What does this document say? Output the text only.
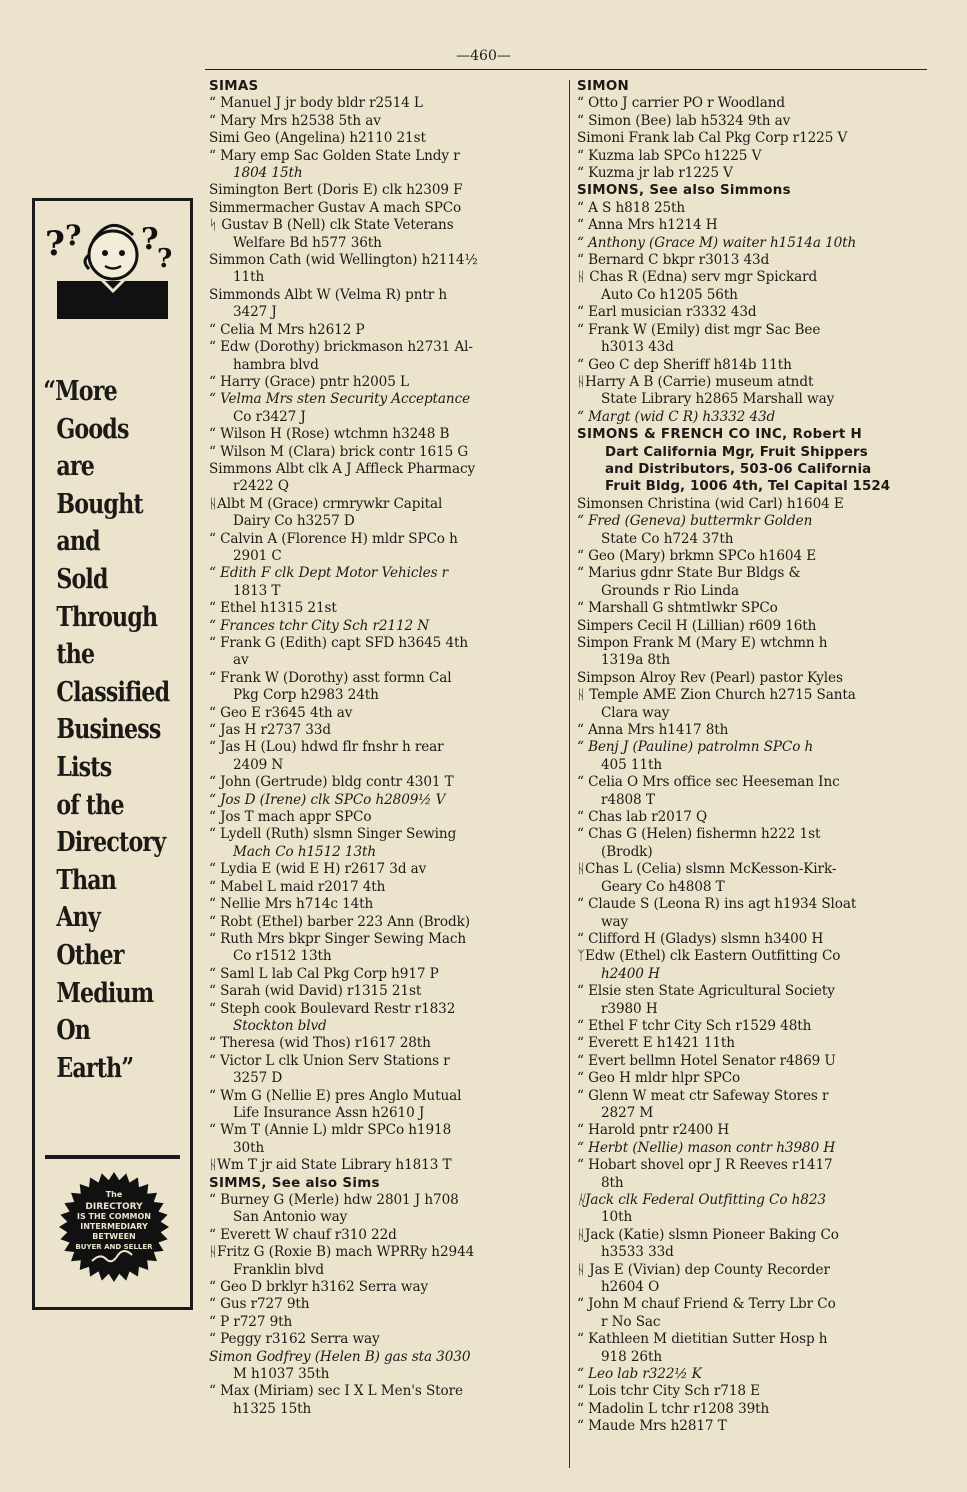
—460—
? ? ?
?
“More
Goods
are
Bought
and
Sold
Through
the
Classified
Business
Lists
of the
Directory
Than
Any
Other
Medium
On
Earth”
The
DIRECTORY
IS THE COMMON
INTERMEDIARY
BETWEEN
BUYER AND SELLER
SIMAS
“ Manuel J jr body bldr r2514 L
“ Mary Mrs h2538 5th av
Simi Geo (Angelina) h2110 21st
“ Mary emp Sac Golden State Lndy r
1804 15th
Simington Bert (Doris E) clk h2309 F
Simmermacher Gustav A mach SPCo
ᛋ Gustav B (Nell) clk State Veterans
Welfare Bd h577 36th
Simmon Cath (wid Wellington) h2114½
11th
Simmonds Albt W (Velma R) pntr h
3427 J
“ Celia M Mrs h2612 P
“ Edw (Dorothy) brickmason h2731 Al-
hambra blvd
“ Harry (Grace) pntr h2005 L
“ Velma Mrs sten Security Acceptance
Co r3427 J
“ Wilson H (Rose) wtchmn h3248 B
“ Wilson M (Clara) brick contr 1615 G
Simmons Albt clk A J Affleck Pharmacy
r2422 Q
ᚺAlbt M (Grace) crmrywkr Capital
Dairy Co h3257 D
“ Calvin A (Florence H) mldr SPCo h
2901 C
“ Edith F clk Dept Motor Vehicles r
1813 T
“ Ethel h1315 21st
“ Frances tchr City Sch r2112 N
“ Frank G (Edith) capt SFD h3645 4th
av
“ Frank W (Dorothy) asst formn Cal
Pkg Corp h2983 24th
“ Geo E r3645 4th av
“ Jas H r2737 33d
“ Jas H (Lou) hdwd flr fnshr h rear
2409 N
“ John (Gertrude) bldg contr 4301 T
“ Jos D (Irene) clk SPCo h2809½ V
“ Jos T mach appr SPCo
“ Lydell (Ruth) slsmn Singer Sewing
Mach Co h1512 13th
“ Lydia E (wid E H) r2617 3d av
“ Mabel L maid r2017 4th
“ Nellie Mrs h714c 14th
“ Robt (Ethel) barber 223 Ann (Brodk)
“ Ruth Mrs bkpr Singer Sewing Mach
Co r1512 13th
“ Saml L lab Cal Pkg Corp h917 P
“ Sarah (wid David) r1315 21st
“ Steph cook Boulevard Restr r1832
Stockton blvd
“ Theresa (wid Thos) r1617 28th
“ Victor L clk Union Serv Stations r
3257 D
“ Wm G (Nellie E) pres Anglo Mutual
Life Insurance Assn h2610 J
“ Wm T (Annie L) mldr SPCo h1918
30th
ᚺWm T jr aid State Library h1813 T
SIMMS, See also Sims
“ Burney G (Merle) hdw 2801 J h708
San Antonio way
“ Everett W chauf r310 22d
ᚺFritz G (Roxie B) mach WPRRy h2944
Franklin blvd
“ Geo D brklyr h3162 Serra way
“ Gus r727 9th
“ P r727 9th
“ Peggy r3162 Serra way
Simon Godfrey (Helen B) gas sta 3030
M h1037 35th
“ Max (Miriam) sec I X L Men's Store
h1325 15th
SIMON
“ Otto J carrier PO r Woodland
“ Simon (Bee) lab h5324 9th av
Simoni Frank lab Cal Pkg Corp r1225 V
“ Kuzma lab SPCo h1225 V
“ Kuzma jr lab r1225 V
SIMONS, See also Simmons
“ A S h818 25th
“ Anna Mrs h1214 H
“ Anthony (Grace M) waiter h1514a 10th
“ Bernard C bkpr r3013 43d
ᚺ Chas R (Edna) serv mgr Spickard
Auto Co h1205 56th
“ Earl musician r3332 43d
“ Frank W (Emily) dist mgr Sac Bee
h3013 43d
“ Geo C dep Sheriff h814b 11th
ᚺHarry A B (Carrie) museum atndt
State Library h2865 Marshall way
“ Margt (wid C R) h3332 43d
SIMONS & FRENCH CO INC, Robert H
Dart California Mgr, Fruit Shippers
and Distributors, 503-06 California
Fruit Bldg, 1006 4th, Tel Capital 1524
Simonsen Christina (wid Carl) h1604 E
“ Fred (Geneva) buttermkr Golden
State Co h724 37th
“ Geo (Mary) brkmn SPCo h1604 E
“ Marius gdnr State Bur Bldgs &
Grounds r Rio Linda
“ Marshall G shtmtlwkr SPCo
Simpers Cecil H (Lillian) r609 16th
Simpon Frank M (Mary E) wtchmn h
1319a 8th
Simpson Alroy Rev (Pearl) pastor Kyles
ᚺ Temple AME Zion Church h2715 Santa
Clara way
“ Anna Mrs h1417 8th
“ Benj J (Pauline) patrolmn SPCo h
405 11th
“ Celia O Mrs office sec Heeseman Inc
r4808 T
“ Chas lab r2017 Q
“ Chas G (Helen) fishermn h222 1st
(Brodk)
ᚺChas L (Celia) slsmn McKesson-Kirk-
Geary Co h4808 T
“ Claude S (Leona R) ins agt h1934 Sloat
way
“ Clifford H (Gladys) slsmn h3400 H
ᛉEdw (Ethel) clk Eastern Outfitting Co
h2400 H
“ Elsie sten State Agricultural Society
r3980 H
“ Ethel F tchr City Sch r1529 48th
“ Everett E h1421 11th
“ Evert bellmn Hotel Senator r4869 U
“ Geo H mldr hlpr SPCo
“ Glenn W meat ctr Safeway Stores r
2827 M
“ Harold pntr r2400 H
“ Herbt (Nellie) mason contr h3980 H
“ Hobart shovel opr J R Reeves r1417
8th
ᚺJack clk Federal Outfitting Co h823
10th
ᚺJack (Katie) slsmn Pioneer Baking Co
h3533 33d
ᚺ Jas E (Vivian) dep County Recorder
h2604 O
“ John M chauf Friend & Terry Lbr Co
r No Sac
“ Kathleen M dietitian Sutter Hosp h
918 26th
“ Leo lab r322½ K
“ Lois tchr City Sch r718 E
“ Madolin L tchr r1208 39th
“ Maude Mrs h2817 T
